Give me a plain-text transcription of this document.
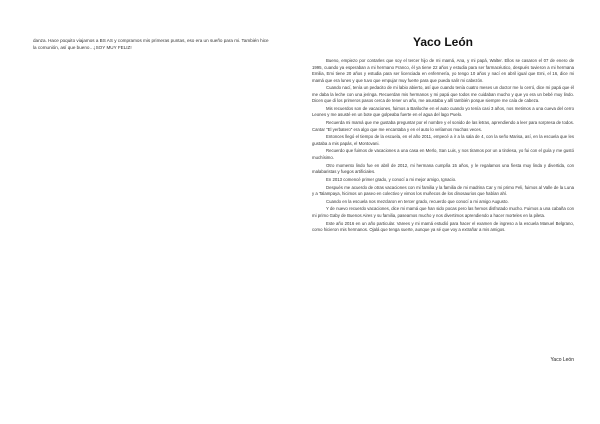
danza. Hace poquito viajamos a BS AS y compramos mis primeras puntas, eso era un sueño para mi. También hice la comunión, así que bueno…¡SOY MUY FELIZ!	Yaco León

Bueno, empiezo por contarles que soy el tercer hijo de mi mamá, Ana, y mi papá, Walter. Ellos se casaron el 07 de enero de 1995, cuando ya esperaban a mi hermano Franco, él ya tiene 22 años y estudia para ser farmacéutico, después tuvieron a mi hermana Emilia, Emi tiene 20 años y estudia para ser licenciada en enfermería, yo tengo 10 años y nací en abril igual que Emi, el 16, dice mi mamá que era lunes y que tuvo que empujar muy fuerte para que pueda salir mi cabezón.

Cuando nací, tenía un pedacito de mi labio abierto, así que cuando tenía cuatro meses un doctor me lo cerró, dice mi papá que él me daba la leche con una jeringa. Recuerdan mis hermanos y mi papá que todos me cuidaban mucho y que yo era un bebé muy lindo. Dicen que di los primeros pasos cerca de tener un año, me asustaba y allí también porque siempre me caía de cabeza.

Mis recuerdos son de vacaciones, fuimos a Bariloche en el auto cuando yo tenía casi 3 años, nos metimos a una cueva del cerro Leones y me asusté en un bote que golpeaba fuerte en el agua del lago Puelo.

Recuerda mi mamá que me gustaba preguntar por el nombre y el sonido de las letras, aprendiendo a leer para sorpresa de todos. Cantar "El yerbatero" era algo que me encantaba y en el auto lo velíamos muchas veces.

Entonces llegó el tiempo de la escuela, en el año 2011, empecé a ir a la sala de 4, con la seño Marisa, así, en la escuela que les gustaba a mis papás, el Montovani.

Recuerdo que fuimos de vacaciones a una casa en Merlo, San Luis, y nos tiramos por un a tirolesa, yo fui con el guía y me gustó muchísimo.

Otro momento lindo fue en abril de 2012, mi hermana cumplía 15 años, y le regalamos una fiesta muy linda y divertida, con malabaristas y fuegos artificiales.

En 2013 comencé primer grado, y conocí a mi mejor amigo, Ignacio.

Después me acuerdo de otras vacaciones con mi familia y la familia de mi madrina Car y mi primo Feli, fuimos al Valle de la Luna y a Talampaya, hicimos un paseo en colectivo y vimos los muñecos de los dinosaurios que habían ahí.

Cuando en la escuela nos mezclaron en tercer grado, recuerdo que conocí a mi amigo Augusto.

Y de nuevo recuerdo vacaciones, dice mi mamá que han sido pocas pero las hemos disfrutado mucho. Fuimos a una cabaña con mi primo Gaby de Buenos Aires y su familia, paseamos mucho y nos divertimos aprendiendo a hacer morteles en la pileta.

Este año 2016 en un año particular. Varees y mi mamá estudió para hacer el examen de ingreso a la escuela Manuel Belgrano, como hicieron mis hermanos. Ojalá que tenga suerte, aunque ya sé que voy a extrañar a mis amigos.

Yaco León
